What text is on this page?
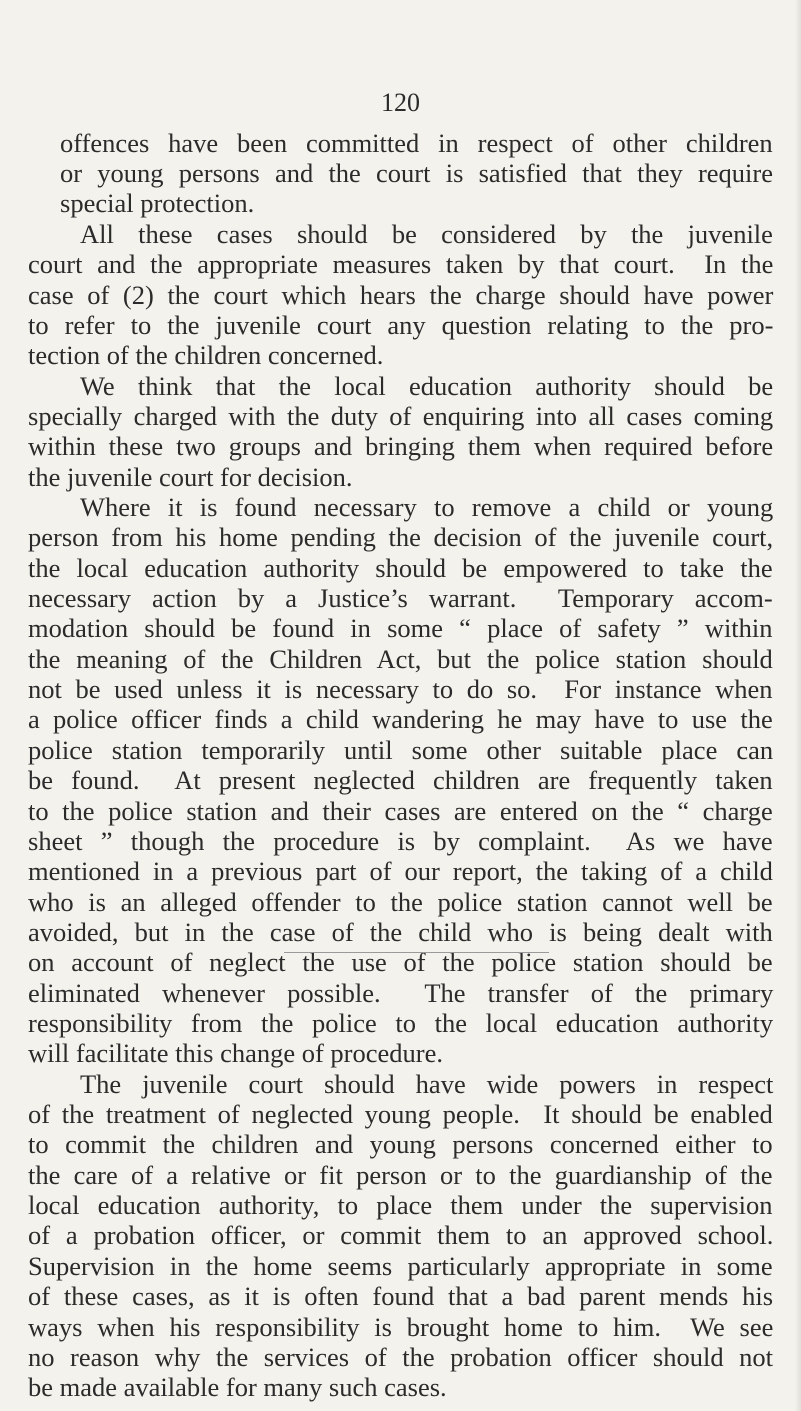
120
offences have been committed in respect of other children
or young persons and the court is satisfied that they require
special protection.
All these cases should be considered by the juvenile
court and the appropriate measures taken by that court.  In the
case of (2) the court which hears the charge should have power
to refer to the juvenile court any question relating to the pro-
tection of the children concerned.
We think that the local education authority should be
specially charged with the duty of enquiring into all cases coming
within these two groups and bringing them when required before
the juvenile court for decision.
Where it is found necessary to remove a child or young
person from his home pending the decision of the juvenile court,
the local education authority should be empowered to take the
necessary action by a Justice’s warrant.  Temporary accom-
modation should be found in some “ place of safety ” within
the meaning of the Children Act, but the police station should
not be used unless it is necessary to do so.  For instance when
a police officer finds a child wandering he may have to use the
police station temporarily until some other suitable place can
be found.  At present neglected children are frequently taken
to the police station and their cases are entered on the “ charge
sheet ” though the procedure is by complaint.  As we have
mentioned in a previous part of our report, the taking of a child
who is an alleged offender to the police station cannot well be
avoided, but in the case of the child who is being dealt with
on account of neglect the use of the police station should be
eliminated whenever possible.  The transfer of the primary
responsibility from the police to the local education authority
will facilitate this change of procedure.
The juvenile court should have wide powers in respect
of the treatment of neglected young people.  It should be enabled
to commit the children and young persons concerned either to
the care of a relative or fit person or to the guardianship of the
local education authority, to place them under the supervision
of a probation officer, or commit them to an approved school.
Supervision in the home seems particularly appropriate in some
of these cases, as it is often found that a bad parent mends his
ways when his responsibility is brought home to him.  We see
no reason why the services of the probation officer should not
be made available for many such cases.
